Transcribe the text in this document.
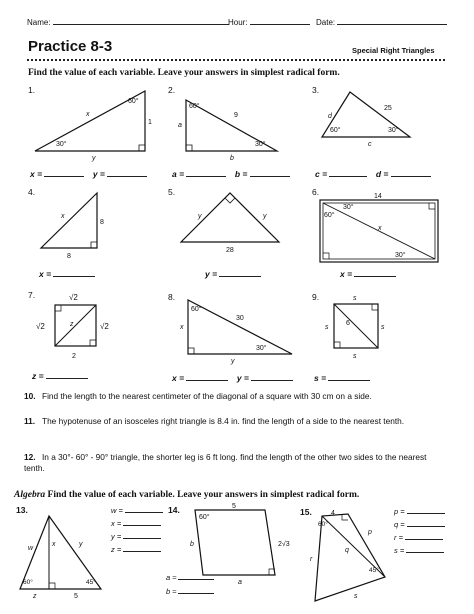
Name:	Hour:	Date:
Practice 8-3	Special Right Triangles
Find the value of each variable. Leave your answers in simplest radical form.
1.
60°
30°
x
y
1
x =	y =
2.
60°
30°
9
a
b
a =	b =
3.
d
25
60°	30°
c
c =	d =
4.
x
8
8
x =
5.
y	y
28
y =
6.	14
30°
60°
x
30°
x =
7.	√2
√2	√2
z
2
z =
8.
60°
30
x
30°
y
x =	y =
9.	s
s
6
s
s
s =
10. Find the length to the nearest centimeter of the diagonal of a square with 30 cm on a side.
11. The hypotenuse of an isosceles right triangle is 8.4 in. find the length of a side to the nearest tenth.
12. In a 30°- 60° - 90° triangle, the shorter leg is 6 ft long. find the length of the other two sides to the nearest tenth.
Algebra Find the value of each variable. Leave your answers in simplest radical form.
13.
w
x	y
60°	45°
z	5
w =
x =
y =
z =
14.
60°
5
b	2√3
a
a ≈
b ≈
15.
60°
4
p
q
r
s
45°
p =
q =
r =
s =
